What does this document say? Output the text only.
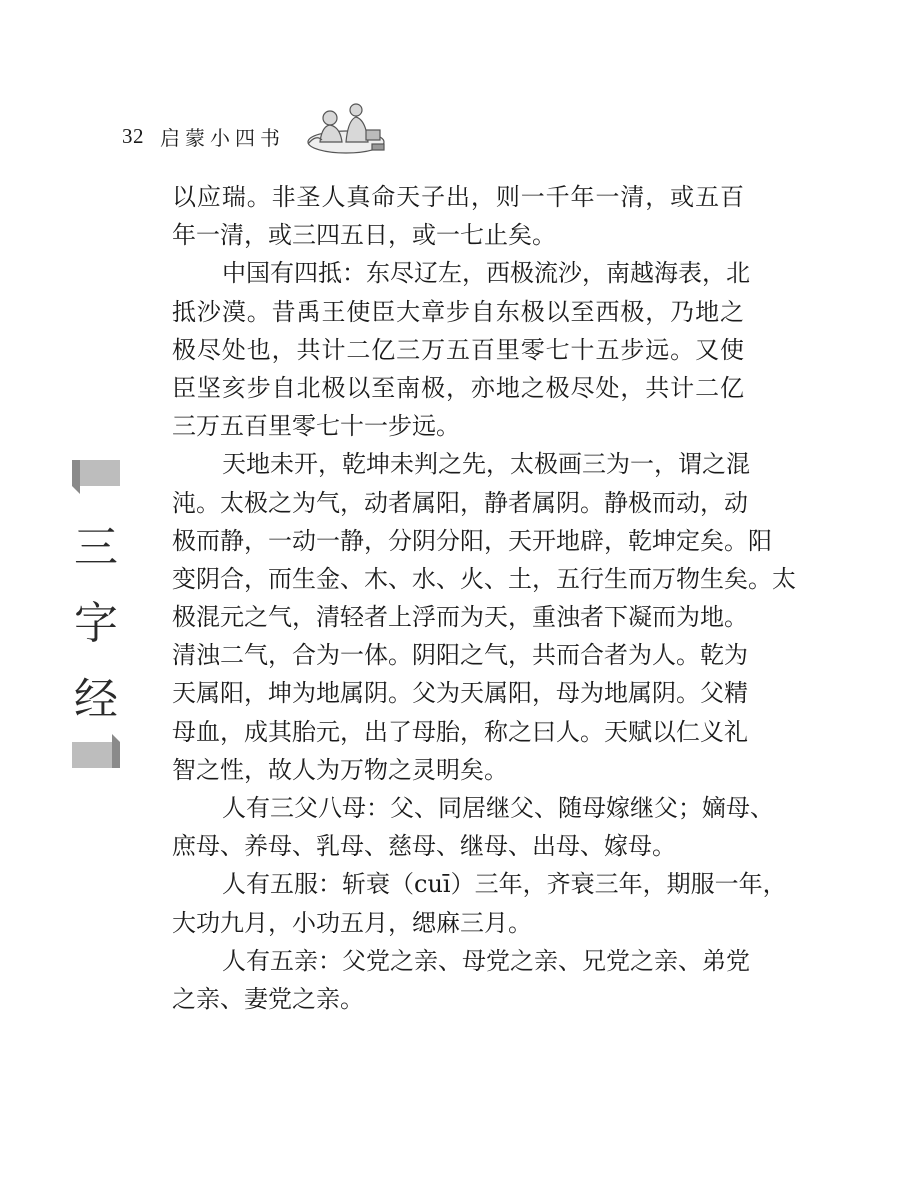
32 启蒙小四书
三
字
经
以应瑞。非圣人真命天子出，则一千年一清，或五百
年一清，或三四五日，或一七止矣。
中国有四抵：东尽辽左，西极流沙，南越海表，北
抵沙漠。昔禹王使臣大章步自东极以至西极，乃地之
极尽处也，共计二亿三万五百里零七十五步远。又使
臣坚亥步自北极以至南极，亦地之极尽处，共计二亿
三万五百里零七十一步远。
天地未开，乾坤未判之先，太极画三为一，谓之混
沌。太极之为气，动者属阳，静者属阴。静极而动，动
极而静，一动一静，分阴分阳，天开地辟，乾坤定矣。阳
变阴合，而生金、木、水、火、土，五行生而万物生矣。太
极混元之气，清轻者上浮而为天，重浊者下凝而为地。
清浊二气，合为一体。阴阳之气，共而合者为人。乾为
天属阳，坤为地属阴。父为天属阳，母为地属阴。父精
母血，成其胎元，出了母胎，称之曰人。天赋以仁义礼
智之性，故人为万物之灵明矣。
人有三父八母：父、同居继父、随母嫁继父；嫡母、
庶母、养母、乳母、慈母、继母、出母、嫁母。
人有五服：斩衰（cuī）三年，齐衰三年，期服一年，
大功九月，小功五月，缌麻三月。
人有五亲：父党之亲、母党之亲、兄党之亲、弟党
之亲、妻党之亲。
